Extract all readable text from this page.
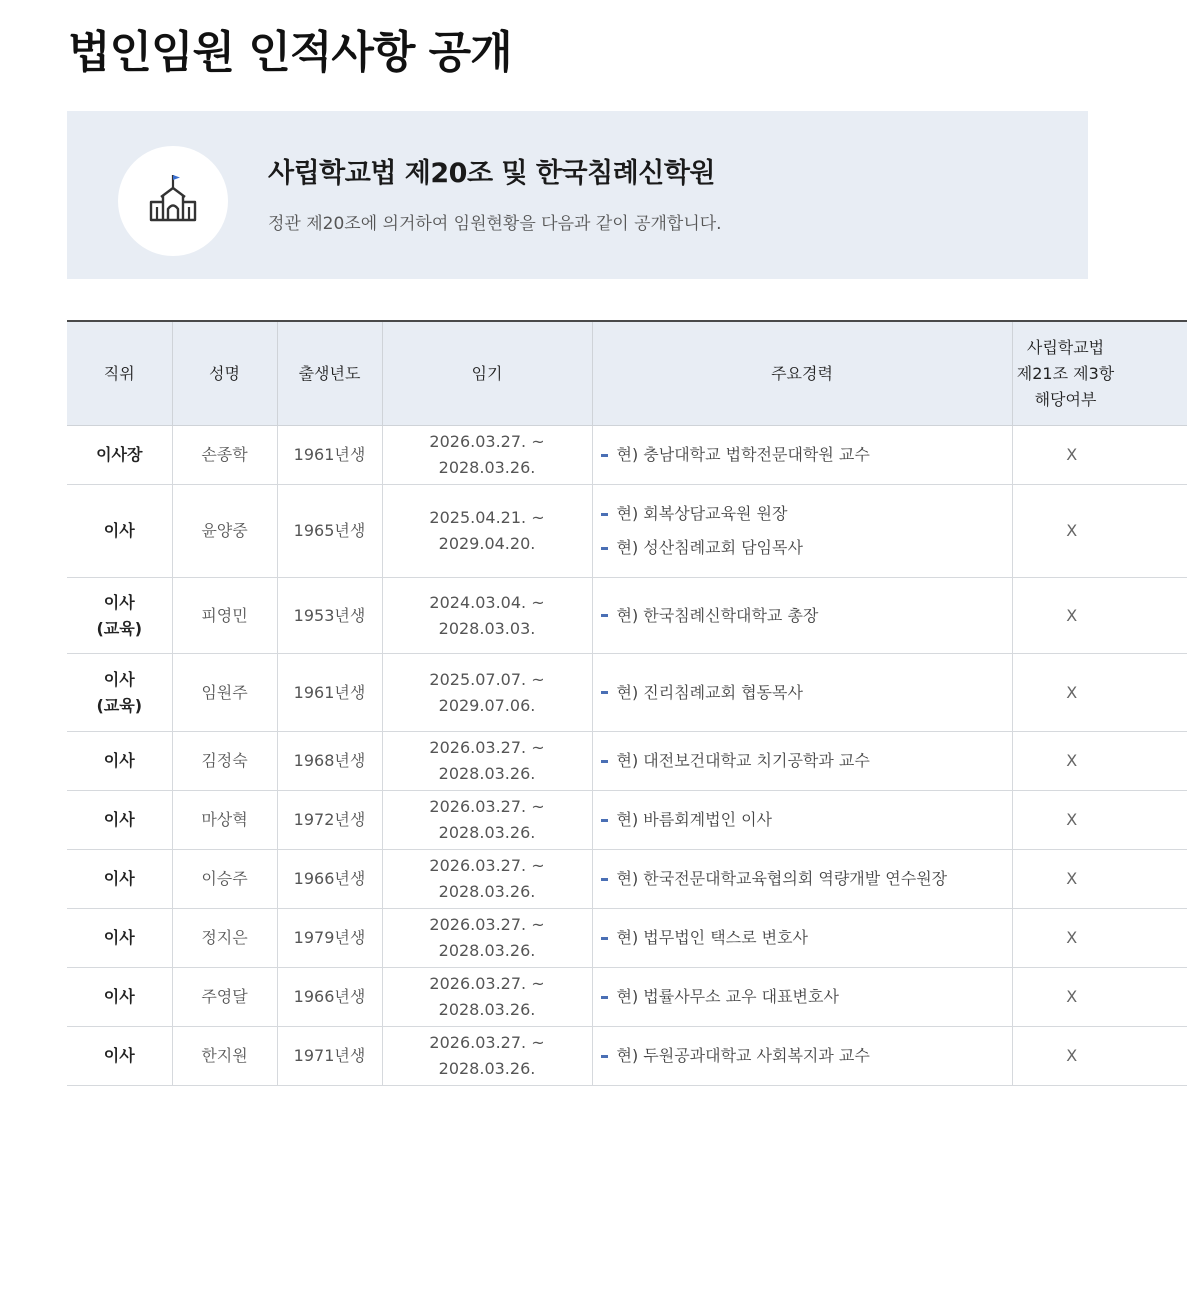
법인임원 인적사항 공개
사립학교법 제20조 및 한국침례신학원

정관 제20조에 의거하여 임원현황을 다음과 같이 공개합니다.

직위	성명	출생년도	임기	주요경력	사립학교법
제21조 제3항
해당여부

이사장	손종학	1961년생	2026.03.27. ~ 2028.03.26.	현) 충남대학교 법학전문대학원 교수	X

이사	윤양중	1965년생	2025.04.21. ~ 2029.04.20.	현) 회복상담교육원 원장
현) 성산침례교회 담임목사	X

이사
(교육)	피영민	1953년생	2024.03.04. ~ 2028.03.03.	현) 한국침례신학대학교 총장	X

이사
(교육)	임원주	1961년생	2025.07.07. ~ 2029.07.06.	현) 진리침례교회 협동목사	X

이사	김정숙	1968년생	2026.03.27. ~ 2028.03.26.	현) 대전보건대학교 치기공학과 교수	X

이사	마상혁	1972년생	2026.03.27. ~ 2028.03.26.	현) 바름회계법인 이사	X

이사	이승주	1966년생	2026.03.27. ~ 2028.03.26.	현) 한국전문대학교육협의회 역량개발 연수원장	X

이사	정지은	1979년생	2026.03.27. ~ 2028.03.26.	현) 법무법인 택스로 변호사	X

이사	주영달	1966년생	2026.03.27. ~ 2028.03.26.	현) 법률사무소 교우 대표변호사	X

이사	한지원	1971년생	2026.03.27. ~ 2028.03.26.	현) 두원공과대학교 사회복지과 교수	X
